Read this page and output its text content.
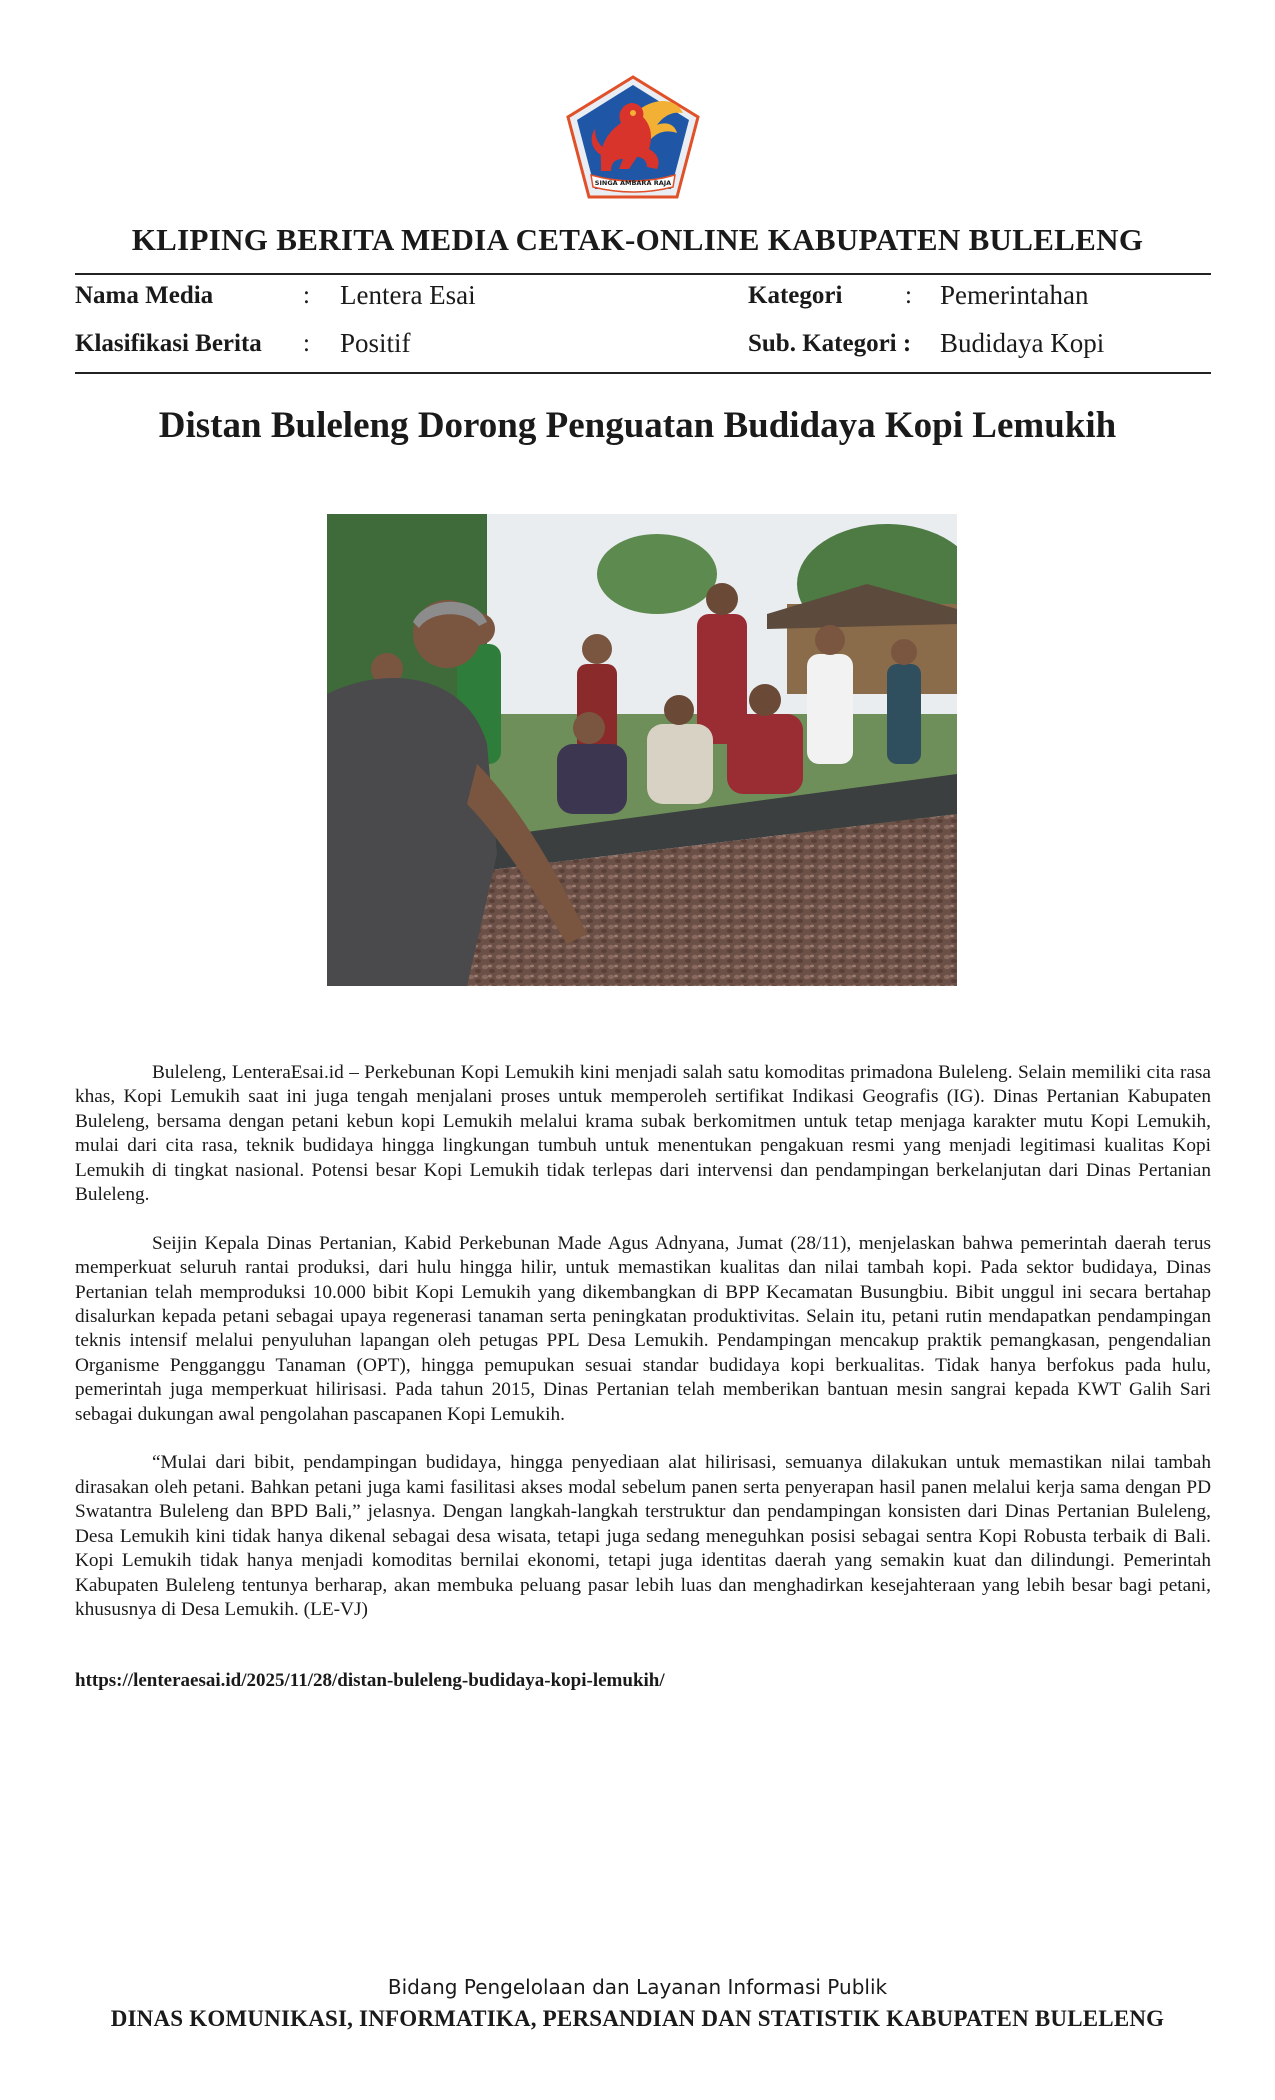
SINGA AMBARA RAJA
KLIPING BERITA MEDIA CETAK-ONLINE KABUPATEN BULELENG
Nama Media	: Lentera Esai
Klasifikasi Berita : Positif
Kategori	: Pemerintahan
Sub. Kategori : Budidaya Kopi
Distan Buleleng Dorong Penguatan Budidaya Kopi Lemukih

Buleleng, LenteraEsai.id – Perkebunan Kopi Lemukih kini menjadi salah satu komoditas primadona Buleleng. Selain memiliki cita rasa khas, Kopi Lemukih saat ini juga tengah menjalani proses untuk memperoleh sertifikat Indikasi Geografis (IG). Dinas Pertanian Kabupaten Buleleng, bersama dengan petani kebun kopi Lemukih melalui krama subak berkomitmen untuk tetap menjaga karakter mutu Kopi Lemukih, mulai dari cita rasa, teknik budidaya hingga lingkungan tumbuh untuk menentukan pengakuan resmi yang menjadi legitimasi kualitas Kopi Lemukih di tingkat nasional. Potensi besar Kopi Lemukih tidak terlepas dari intervensi dan pendampingan berkelanjutan dari Dinas Pertanian Buleleng.

Seijin Kepala Dinas Pertanian, Kabid Perkebunan Made Agus Adnyana, Jumat (28/11), menjelaskan bahwa pemerintah daerah terus memperkuat seluruh rantai produksi, dari hulu hingga hilir, untuk memastikan kualitas dan nilai tambah kopi. Pada sektor budidaya, Dinas Pertanian telah memproduksi 10.000 bibit Kopi Lemukih yang dikembangkan di BPP Kecamatan Busungbiu. Bibit unggul ini secara bertahap disalurkan kepada petani sebagai upaya regenerasi tanaman serta peningkatan produktivitas. Selain itu, petani rutin mendapatkan pendampingan teknis intensif melalui penyuluhan lapangan oleh petugas PPL Desa Lemukih. Pendampingan mencakup praktik pemangkasan, pengendalian Organisme Pengganggu Tanaman (OPT), hingga pemupukan sesuai standar budidaya kopi berkualitas. Tidak hanya berfokus pada hulu, pemerintah juga memperkuat hilirisasi. Pada tahun 2015, Dinas Pertanian telah memberikan bantuan mesin sangrai kepada KWT Galih Sari sebagai dukungan awal pengolahan pascapanen Kopi Lemukih.

“Mulai dari bibit, pendampingan budidaya, hingga penyediaan alat hilirisasi, semuanya dilakukan untuk memastikan nilai tambah dirasakan oleh petani. Bahkan petani juga kami fasilitasi akses modal sebelum panen serta penyerapan hasil panen melalui kerja sama dengan PD Swatantra Buleleng dan BPD Bali,” jelasnya. Dengan langkah-langkah terstruktur dan pendampingan konsisten dari Dinas Pertanian Buleleng, Desa Lemukih kini tidak hanya dikenal sebagai desa wisata, tetapi juga sedang meneguhkan posisi sebagai sentra Kopi Robusta terbaik di Bali. Kopi Lemukih tidak hanya menjadi komoditas bernilai ekonomi, tetapi juga identitas daerah yang semakin kuat dan dilindungi. Pemerintah Kabupaten Buleleng tentunya berharap, akan membuka peluang pasar lebih luas dan menghadirkan kesejahteraan yang lebih besar bagi petani, khususnya di Desa Lemukih. (LE-VJ)

https://lenteraesai.id/2025/11/28/distan-buleleng-budidaya-kopi-lemukih/
Bidang Pengelolaan dan Layanan Informasi Publik
DINAS KOMUNIKASI, INFORMATIKA, PERSANDIAN DAN STATISTIK KABUPATEN BULELENG
